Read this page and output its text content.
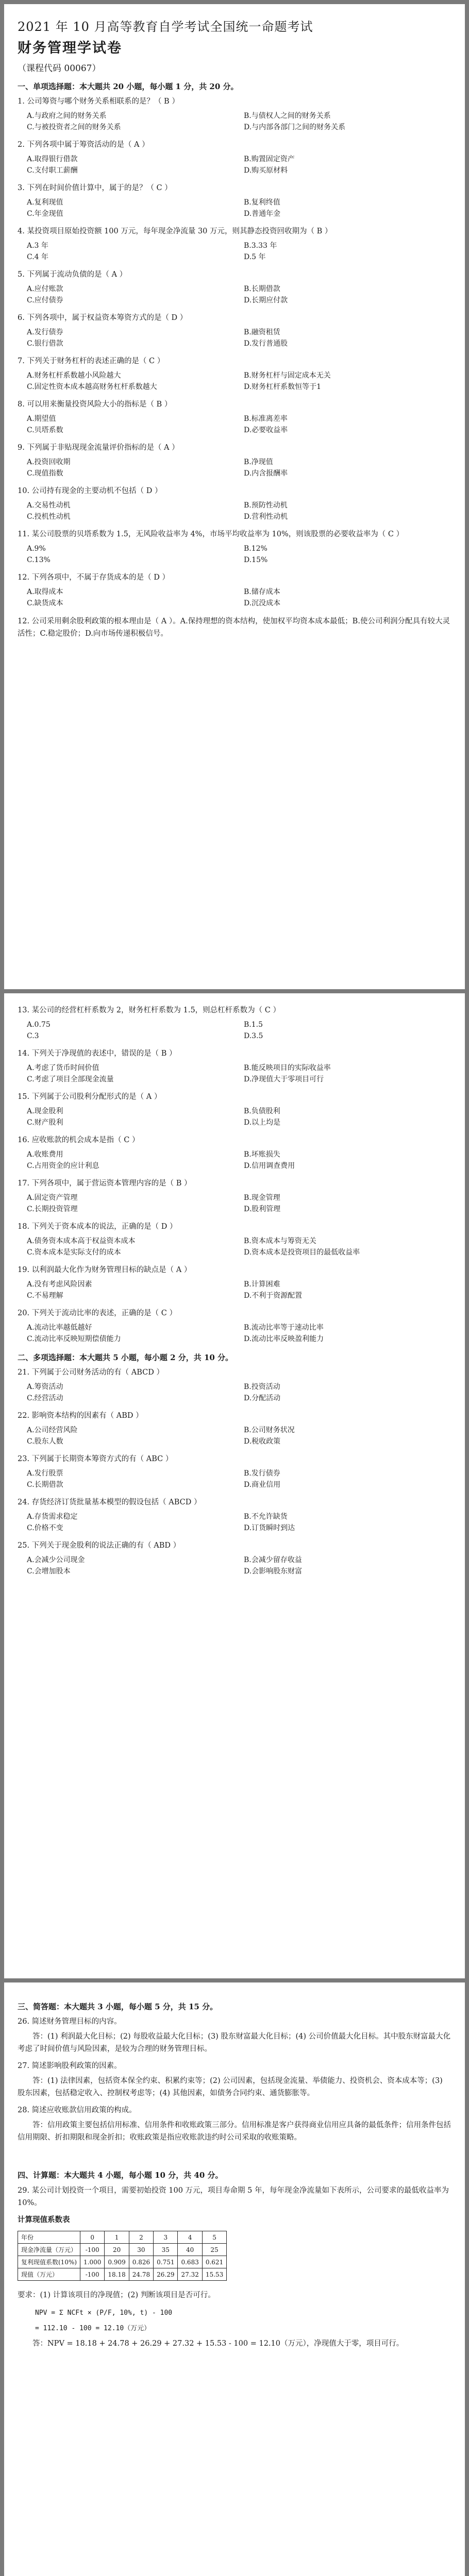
2021 年 10 月高等教育自学考试全国统一命题考试
财务管理学试卷
（课程代码 00067）
一、单项选择题：本大题共 20 小题，每小题 1 分，共 20 分。
1. 公司筹资与哪个财务关系相联系的是？（ B ）
A.与政府之间的财务关系	B.与债权人之间的财务关系
C.与被投资者之间的财务关系	D.与内部各部门之间的财务关系
2. 下列各项中属于筹资活动的是（ A ）
A.取得银行借款	B.购置固定资产
C.支付职工薪酬	D.购买原材料
3. 下列在时间价值计算中，属于的是？（ C ）
A.复利现值	B.复利终值
C.年金现值	D.普通年金
4. 某投资项目原始投资额 100 万元，每年现金净流量 30 万元，则其静态投资回收期为（ B ）
A.3 年	B.3.33 年
C.4 年	D.5 年
5. 下列属于流动负债的是（ A ）
A.应付账款	B.长期借款
C.应付债券	D.长期应付款
6. 下列各项中，属于权益资本筹资方式的是（ D ）
A.发行债券	B.融资租赁
C.银行借款	D.发行普通股
7. 下列关于财务杠杆的表述正确的是（ C ）
A.财务杠杆系数越小风险越大	B.财务杠杆与固定成本无关
C.固定性资本成本越高财务杠杆系数越大	D.财务杠杆系数恒等于1
8. 可以用来衡量投资风险大小的指标是（ B ）
A.期望值	B.标准离差率
C.贝塔系数	D.必要收益率
9. 下列属于非贴现现金流量评价指标的是（ A ）
A.投资回收期	B.净现值
C.现值指数	D.内含报酬率
10. 公司持有现金的主要动机不包括（ D ）
A.交易性动机	B.预防性动机
C.投机性动机	D.营利性动机
11. 某公司股票的贝塔系数为 1.5，无风险收益率为 4%，市场平均收益率为 10%，则该股票的必要收益率为（ C ）
A.9%	B.12%
C.13%	D.15%
12. 下列各项中，不属于存货成本的是（ D ）
A.取得成本	B.储存成本
C.缺货成本	D.沉没成本
12. 公司采用剩余股利政策的根本理由是（ A ）。A.保持理想的资本结构，使加权平均资本成本最低；B.使公司利润分配具有较大灵活性；C.稳定股价；D.向市场传递积极信号。
13. 某公司的经营杠杆系数为 2，财务杠杆系数为 1.5，则总杠杆系数为（ C ）
A.0.75	B.1.5
C.3	D.3.5
14. 下列关于净现值的表述中，错误的是（ B ）
A.考虑了货币时间价值	B.能反映项目的实际收益率
C.考虑了项目全部现金流量	D.净现值大于零项目可行
15. 下列属于公司股利分配形式的是（ A ）
A.现金股利	B.负债股利
C.财产股利	D.以上均是
16. 应收账款的机会成本是指（ C ）
A.收账费用	B.坏账损失
C.占用资金的应计利息	D.信用调查费用
17. 下列各项中，属于营运资本管理内容的是（ B ）
A.固定资产管理	B.现金管理
C.长期投资管理	D.股利管理
18. 下列关于资本成本的说法，正确的是（ D ）
A.债务资本成本高于权益资本成本	B.资本成本与筹资无关
C.资本成本是实际支付的成本	D.资本成本是投资项目的最低收益率
19. 以利润最大化作为财务管理目标的缺点是（ A ）
A.没有考虑风险因素	B.计算困难
C.不易理解	D.不利于资源配置
20. 下列关于流动比率的表述，正确的是（ C ）
A.流动比率越低越好	B.流动比率等于速动比率
C.流动比率反映短期偿债能力	D.流动比率反映盈利能力
二、多项选择题：本大题共 5 小题，每小题 2 分，共 10 分。
21. 下列属于公司财务活动的有（ ABCD ）
A.筹资活动	B.投资活动
C.经营活动	D.分配活动
22. 影响资本结构的因素有（ ABD ）
A.公司经营风险	B.公司财务状况
C.股东人数	D.税收政策
23. 下列属于长期资本筹资方式的有（ ABC ）
A.发行股票	B.发行债券
C.长期借款	D.商业信用
24. 存货经济订货批量基本模型的假设包括（ ABCD ）
A.存货需求稳定	B.不允许缺货
C.价格不变	D.订货瞬时到达
25. 下列关于现金股利的说法正确的有（ ABD ）
A.会减少公司现金	B.会减少留存收益
C.会增加股本	D.会影响股东财富
三、简答题：本大题共 3 小题，每小题 5 分，共 15 分。
26. 简述财务管理目标的内容。
答：(1) 利润最大化目标；(2) 每股收益最大化目标；(3) 股东财富最大化目标；(4) 公司价值最大化目标。其中股东财富最大化考虑了时间价值与风险因素，是较为合理的财务管理目标。
27. 简述影响股利政策的因素。
答：(1) 法律因素，包括资本保全约束、积累约束等；(2) 公司因素，包括现金流量、举债能力、投资机会、资本成本等；(3) 股东因素，包括稳定收入、控制权考虑等；(4) 其他因素，如债务合同约束、通货膨胀等。
28. 简述应收账款信用政策的构成。
答：信用政策主要包括信用标准、信用条件和收账政策三部分。信用标准是客户获得商业信用应具备的最低条件；信用条件包括信用期限、折扣期限和现金折扣；收账政策是指应收账款违约时公司采取的收账策略。
四、计算题：本大题共 4 小题，每小题 10 分，共 40 分。
29. 某公司计划投资一个项目，需要初始投资 100 万元，项目寿命期 5 年，每年现金净流量如下表所示，公司要求的最低收益率为 10%。
计算现值系数表
年份	0	1	2	3	4	5
现金净流量（万元）	-100	20	30	35	40	25
复利现值系数(10%)	1.000	0.909	0.826	0.751	0.683	0.621
现值（万元）	-100	18.18	24.78	26.29	27.32	15.53
要求：(1) 计算该项目的净现值；(2) 判断该项目是否可行。
NPV = Σ NCFt × (P/F, 10%, t) - 100
= 112.10 - 100 = 12.10（万元）
答：NPV = 18.18 + 24.78 + 26.29 + 27.32 + 15.53 - 100 = 12.10（万元），净现值大于零，项目可行。
